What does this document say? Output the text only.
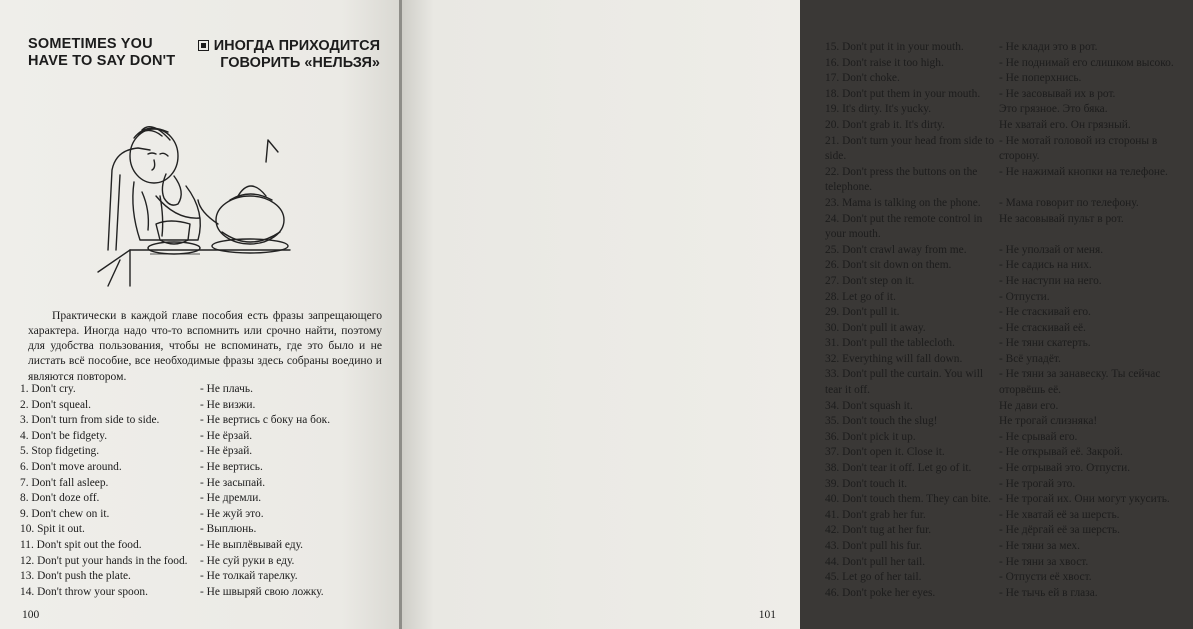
SOMETIMES YOU HAVE TO SAY DON'T
ИНОГДА ПРИХОДИТСЯ ГОВОРИТЬ «НЕЛЬЗЯ»

Практически в каждой главе пособия есть фразы запрещающего характера. Иногда надо что-то вспомнить или срочно найти, поэтому для удобства пользования, чтобы не вспоминать, где это было и не листать всё пособие, все необходимые фразы здесь собраны воедино и являются повтором.

1. Don't cry.	- Не плачь.
2. Don't squeal.	- Не визжи.
3. Don't turn from side to side.	- Не вертись с боку на бок.
4. Don't be fidgety.	- Не ёрзай.
5. Stop fidgeting.	- Не ёрзай.
6. Don't move around.	- Не вертись.
7. Don't fall asleep.	- Не засыпай.
8. Don't doze off.	- Не дремли.
9. Don't chew on it.	- Не жуй это.
10. Spit it out.	- Выплюнь.
11. Don't spit out the food.	- Не выплёвывай еду.
12. Don't put your hands in the food.	- Не суй руки в еду.
13. Don't push the plate.	- Не толкай тарелку.
14. Don't throw your spoon.	- Не швыряй свою ложку.
100
15. Don't put it in your mouth.	- Не клади это в рот.
16. Don't raise it too high.	- Не поднимай его слишком высоко.
17. Don't choke.	- Не поперхнись.
18. Don't put them in your mouth.	- Не засовывай их в рот.
19. It's dirty. It's yucky.	Это грязное. Это бяка.
20. Don't grab it. It's dirty.	Не хватай его. Он грязный.
21. Don't turn your head from side to side.
- Не мотай головой из стороны в сторону.
22. Don't press the buttons on the telephone.
- Не нажимай кнопки на телефоне.
23. Mama is talking on the phone.	- Мама говорит по телефону.
24. Don't put the remote control in your mouth.
Не засовывай пульт в рот.
25. Don't crawl away from me.	- Не уползай от меня.
26. Don't sit down on them.	- Не садись на них.
27. Don't step on it.	- Не наступи на него.
28. Let go of it.	- Отпусти.
29. Don't pull it.	- Не стаскивай его.
30. Don't pull it away.	- Не стаскивай её.
31. Don't pull the tablecloth.	- Не тяни скатерть.
32. Everything will fall down.	- Всё упадёт.
33. Don't pull the curtain. You will tear it off.
- Не тяни за занавеску. Ты сейчас оторвёшь её.
34. Don't squash it.	Не дави его.
35. Don't touch the slug!	Не трогай слизняка!
36. Don't pick it up.	- Не срывай его.
37. Don't open it. Close it.	- Не открывай её. Закрой.
38. Don't tear it off. Let go of it.	- Не отрывай это. Отпусти.
39. Don't touch it.	- Не трогай это.
40. Don't touch them. They can bite. - Не трогай их. Они могут укусить.
41. Don't grab her fur.	- Не хватай её за шерсть.
42. Don't tug at her fur.	- Не дёргай её за шерсть.
43. Don't pull his fur.	- Не тяни за мех.
44. Don't pull her tail.	- Не тяни за хвост.
45. Let go of her tail.	- Отпусти её хвост.
46. Don't poke her eyes.	- Не тычь ей в глаза.
101
